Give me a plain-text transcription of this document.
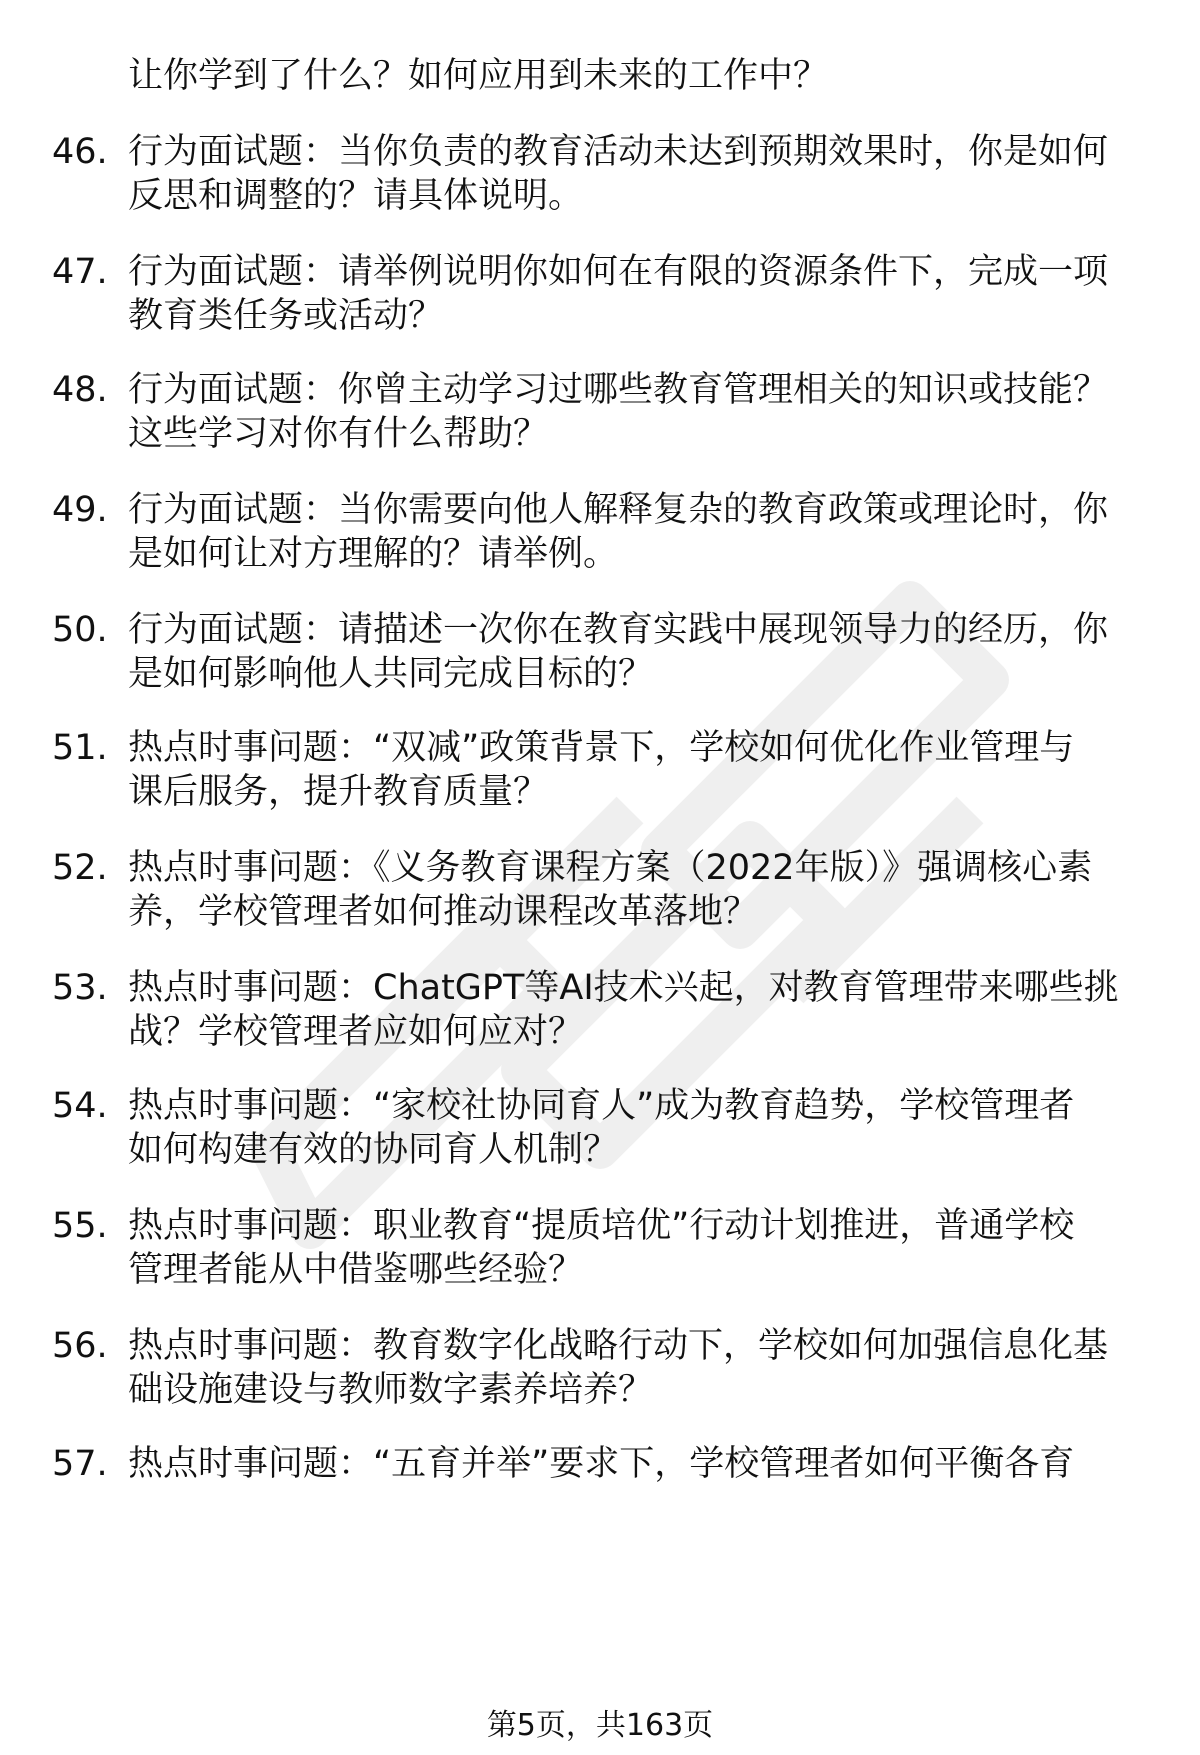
让你学到了什么？如何应用到未来的工作中？
46. 行为面试题：当你负责的教育活动未达到预期效果时，你是如何
反思和调整的？请具体说明。
47. 行为面试题：请举例说明你如何在有限的资源条件下，完成一项
教育类任务或活动？
48. 行为面试题：你曾主动学习过哪些教育管理相关的知识或技能？
这些学习对你有什么帮助？
49. 行为面试题：当你需要向他人解释复杂的教育政策或理论时，你
是如何让对方理解的？请举例。
50. 行为面试题：请描述一次你在教育实践中展现领导力的经历，你
是如何影响他人共同完成目标的？
51. 热点时事问题：“双减”政策背景下，学校如何优化作业管理与
课后服务，提升教育质量？
52. 热点时事问题：《义务教育课程方案（2022年版）》强调核心素
养，学校管理者如何推动课程改革落地？
53. 热点时事问题：ChatGPT等AI技术兴起，对教育管理带来哪些挑
战？学校管理者应如何应对？
54. 热点时事问题：“家校社协同育人”成为教育趋势，学校管理者
如何构建有效的协同育人机制？
55. 热点时事问题：职业教育“提质培优”行动计划推进，普通学校
管理者能从中借鉴哪些经验？
56. 热点时事问题：教育数字化战略行动下，学校如何加强信息化基
础设施建设与教师数字素养培养？
57. 热点时事问题：“五育并举”要求下，学校管理者如何平衡各育
第5页，共163页
